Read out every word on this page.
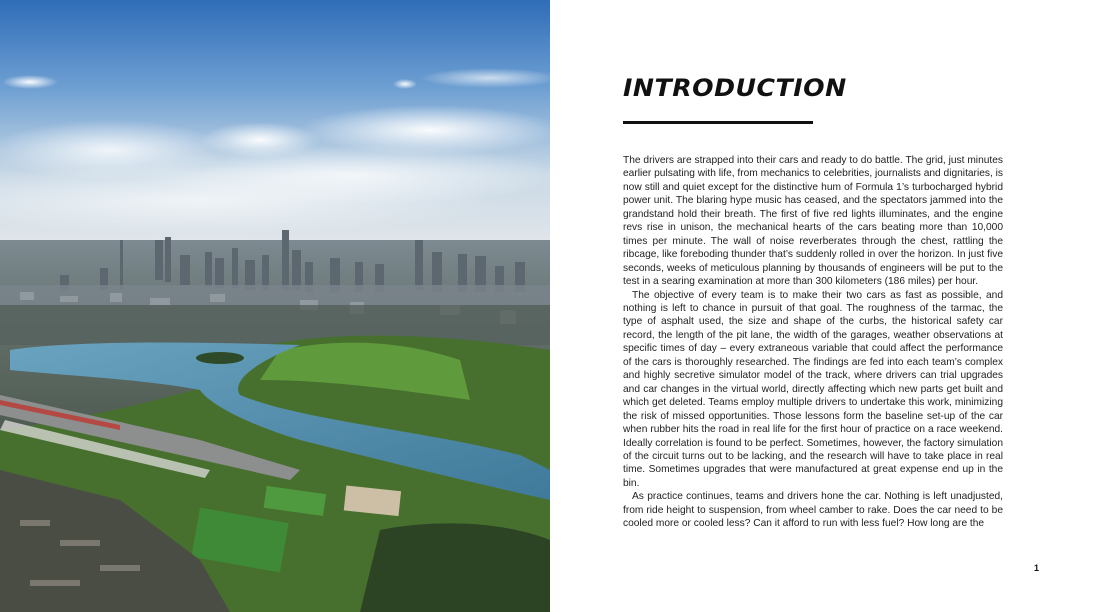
INTRODUCTION

The drivers are strapped into their cars and ready to do battle. The grid, just minutes earlier pulsating with life, from mechanics to celebrities, journalists and dignitaries, is now still and quiet except for the distinctive hum of Formula 1’s turbocharged hybrid power unit. The blaring hype music has ceased, and the spectators jammed into the grandstand hold their breath. The first of five red lights illuminates, and the engine revs rise in unison, the mechanical hearts of the cars beating more than 10,000 times per minute. The wall of noise reverberates through the chest, rattling the ribcage, like foreboding thunder that’s suddenly rolled in over the horizon. In just five seconds, weeks of meticulous planning by thousands of engineers will be put to the test in a searing examination at more than 300 kilometers (186 miles) per hour.

The objective of every team is to make their two cars as fast as possible, and nothing is left to chance in pursuit of that goal. The roughness of the tarmac, the type of asphalt used, the size and shape of the curbs, the historical safety car record, the length of the pit lane, the width of the garages, weather observations at specific times of day – every extraneous variable that could affect the performance of the cars is thoroughly researched. The findings are fed into each team’s complex and highly secretive simulator model of the track, where drivers can trial upgrades and car changes in the virtual world, directly affecting which new parts get built and which get deleted. Teams employ multiple drivers to undertake this work, minimizing the risk of missed opportunities. Those lessons form the baseline set-up of the car when rubber hits the road in real life for the first hour of practice on a race weekend. Ideally correlation is found to be perfect. Sometimes, however, the factory simulation of the circuit turns out to be lacking, and the research will have to take place in real time. Sometimes upgrades that were manufactured at great expense end up in the bin.

As practice continues, teams and drivers hone the car. Nothing is left unadjusted, from ride height to suspension, from wheel camber to rake. Does the car need to be cooled more or cooled less? Can it afford to run with less fuel? How long are the

1
